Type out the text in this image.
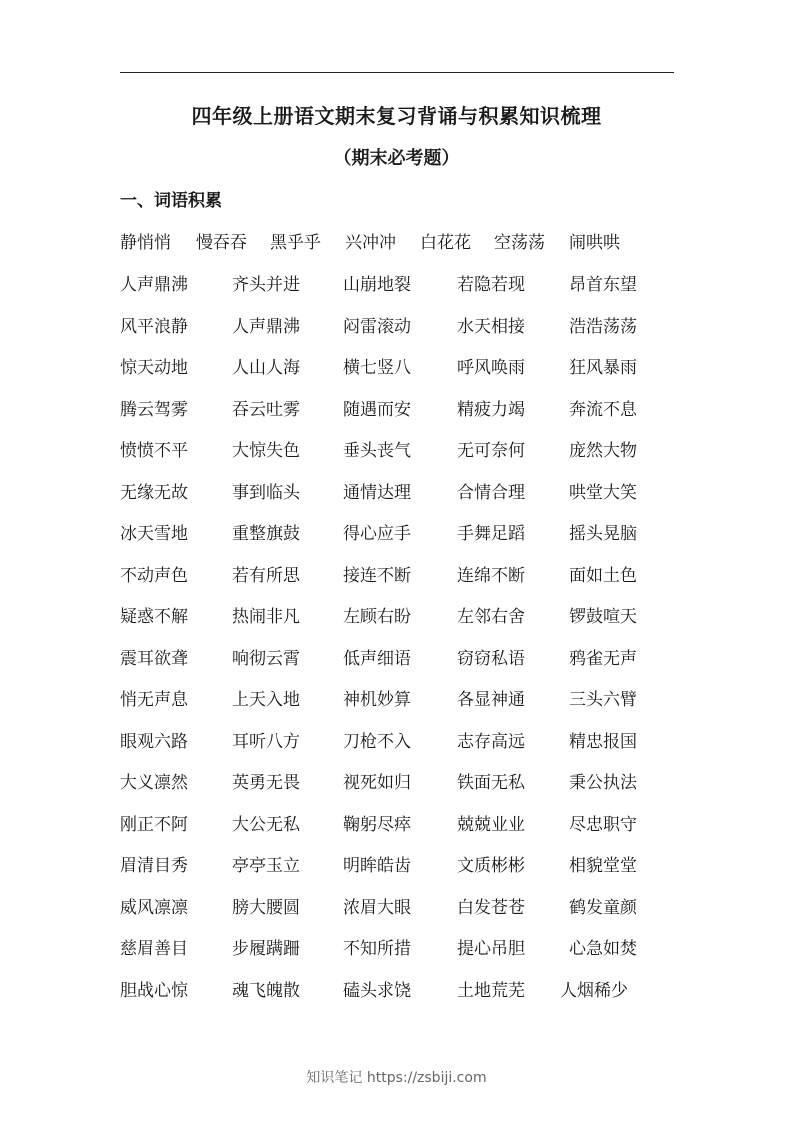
四年级上册语文期末复习背诵与积累知识梳理
（期末必考题）
一、词语积累
静悄悄 慢吞吞 黑乎乎 兴冲冲 白花花 空荡荡 闹哄哄
人声鼎沸	齐头并进	山崩地裂	若隐若现	昂首东望
风平浪静	人声鼎沸	闷雷滚动	水天相接	浩浩荡荡
惊天动地	人山人海	横七竖八	呼风唤雨	狂风暴雨
腾云驾雾	吞云吐雾	随遇而安	精疲力竭	奔流不息
愤愤不平	大惊失色	垂头丧气	无可奈何	庞然大物
无缘无故	事到临头	通情达理	合情合理	哄堂大笑
冰天雪地	重整旗鼓	得心应手	手舞足蹈	摇头晃脑
不动声色	若有所思	接连不断	连绵不断	面如土色
疑惑不解	热闹非凡	左顾右盼	左邻右舍	锣鼓喧天
震耳欲聋	响彻云霄	低声细语	窃窃私语	鸦雀无声
悄无声息	上天入地	神机妙算	各显神通	三头六臂
眼观六路	耳听八方	刀枪不入	志存高远	精忠报国
大义凛然	英勇无畏	视死如归	铁面无私	秉公执法
刚正不阿	大公无私	鞠躬尽瘁	兢兢业业	尽忠职守
眉清目秀	亭亭玉立	明眸皓齿	文质彬彬	相貌堂堂
威风凛凛	膀大腰圆	浓眉大眼	白发苍苍	鹤发童颜
慈眉善目	步履蹒跚	不知所措	提心吊胆	心急如焚
胆战心惊	魂飞魄散	磕头求饶	土地荒芜 人烟稀少
知识笔记 https://zsbiji.com
